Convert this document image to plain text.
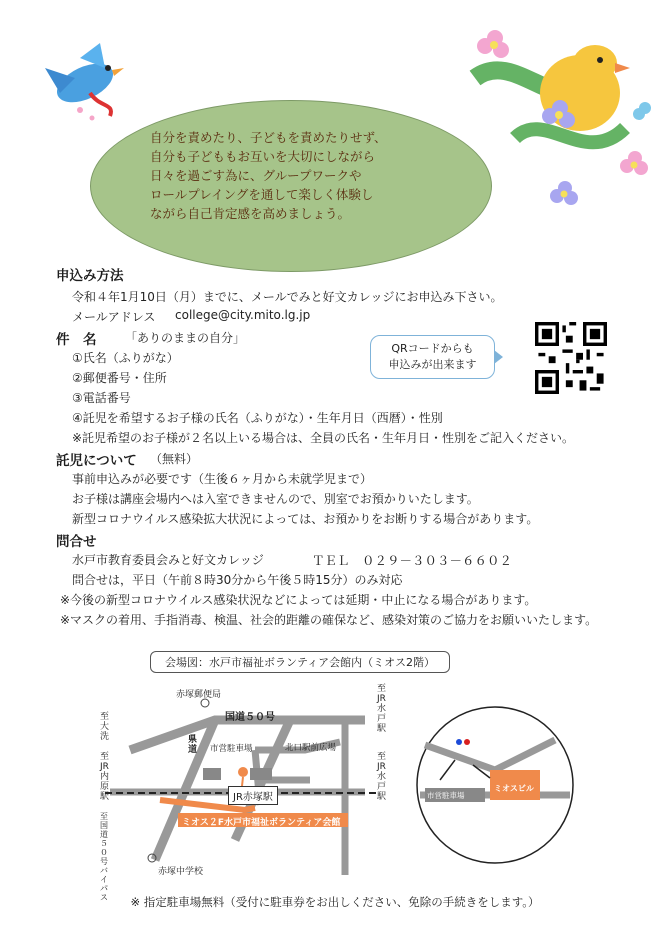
自分を責めたり、子どもを責めたりせず、
自分も子どももお互いを大切にしながら
日々を過ごす為に、グループワークや
ロールプレイングを通して楽しく体験し
ながら自己肯定感を高めましょう。
申込み方法
令和４年1月10日（月）までに、メールでみと好文カレッジにお申込み下さい。
メールアドレス college@city.mito.lg.jp
件　名 「ありのままの自分」
①氏名（ふりがな）
②郵便番号・住所
③電話番号
④託児を希望するお子様の氏名（ふりがな）・生年月日（西暦）・性別
※託児希望のお子様が２名以上いる場合は、全員の氏名・生年月日・性別をご記入ください。
QRコードからも
申込みが出来ます
託児について （無料）
事前申込みが必要です（生後６ヶ月から未就学児まで）
お子様は講座会場内へは入室できませんので、別室でお預かりいたします。
新型コロナウイルス感染拡大状況によっては、お預かりをお断りする場合があります。
問合せ
水戸市教育委員会みと好文カレッジ	ＴＥＬ　０２９－３０３－６６０２
問合せは，平日（午前８時30分から午後５時15分）のみ対応
※今後の新型コロナウイルス感染状況などによっては延期・中止になる場合があります。
※マスクの着用、手指消毒、検温、社会的距離の確保など、感染対策のご協力をお願いいたします。
会場図：水戸市福祉ボランティア会館内（ミオス2階）
赤塚郵便局
国道５０号
市営駐車場	北口駅前広場
JR赤塚駅
ミオス２F水戸市福祉ボランティア会館
赤塚中学校
至大洗
至JR内原駅
至国道５０号バイパス
至JR水戸駅
至JR水戸駅
県道
市営駐車場
ミオスビル
※ 指定駐車場無料（受付に駐車券をお出しください、免除の手続きをします。）
